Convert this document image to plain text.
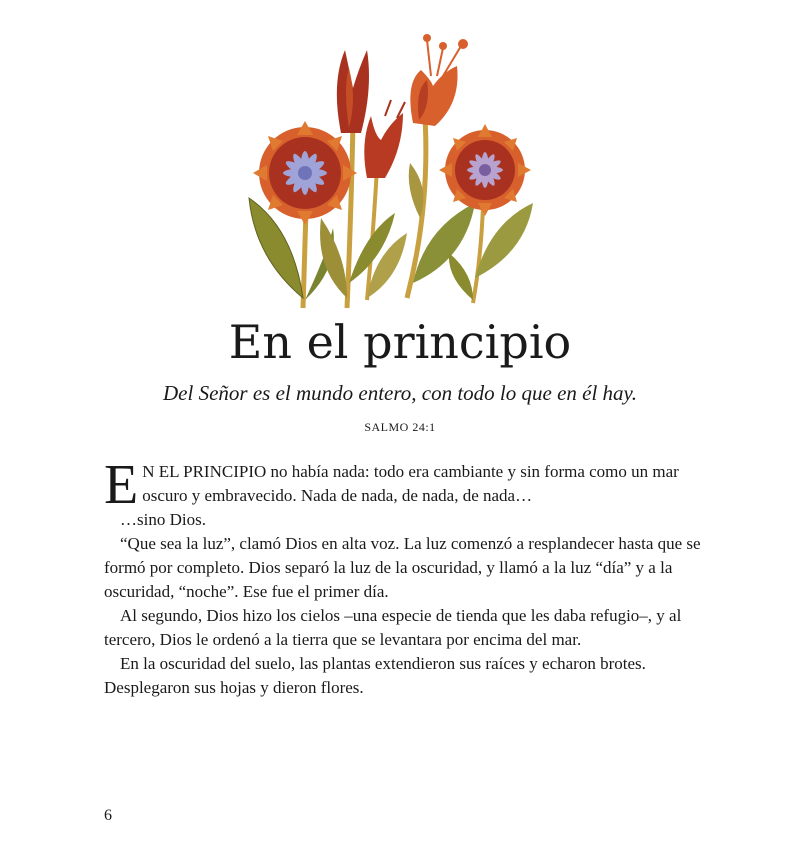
En el principio

Del Señor es el mundo entero, con todo lo que en él hay.

SALMO 24:1

E N EL PRINCIPIO no había nada: todo era cambiante y sin forma como un mar oscuro y embravecido. Nada de nada, de nada, de nada…

…sino Dios.

“Que sea la luz”, clamó Dios en alta voz. La luz comenzó a resplandecer hasta que se formó por completo. Dios separó la luz de la oscuridad, y llamó a la luz “día” y a la oscuridad, “noche”. Ese fue el primer día.

Al segundo, Dios hizo los cielos –una especie de tienda que les daba refugio–, y al tercero, Dios le ordenó a la tierra que se levantara por encima del mar.

En la oscuridad del suelo, las plantas extendieron sus raíces y echaron brotes. Desplegaron sus hojas y dieron flores.

6
